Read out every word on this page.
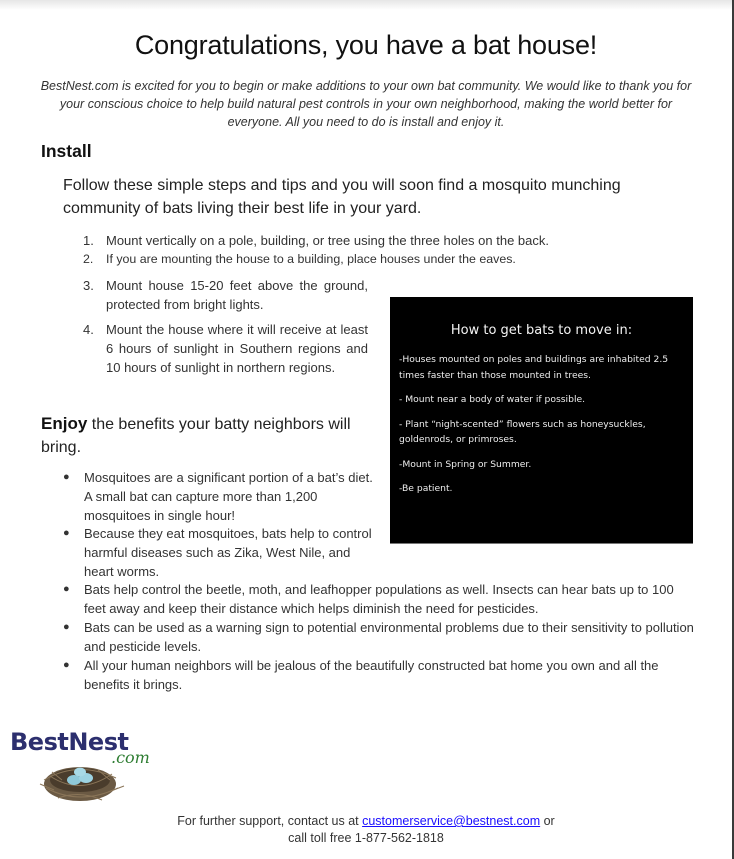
Congratulations, you have a bat house!
BestNest.com is excited for you to begin or make additions to your own bat community. We would like to thank you for your conscious choice to help build natural pest controls in your own neighborhood, making the world better for everyone. All you need to do is install and enjoy it.
Install
Follow these simple steps and tips and you will soon find a mosquito munching community of bats living their best life in your yard.
1. Mount vertically on a pole, building, or tree using the three holes on the back.
2. If you are mounting the house to a building, place houses under the eaves.
3. Mount house 15-20 feet above the ground, protected from bright lights.
4. Mount the house where it will receive at least 6 hours of sunlight in Southern regions and 10 hours of sunlight in northern regions.
How to get bats to move in:
-Houses mounted on poles and buildings are inhabited 2.5 times faster than those mounted in trees.
- Mount near a body of water if possible.
- Plant “night-scented” flowers such as honeysuckles, goldenrods, or primroses.
-Mount in Spring or Summer.
-Be patient.
Enjoy the benefits your batty neighbors will bring.
●	Mosquitoes are a significant portion of a bat’s diet. A small bat can capture more than 1,200 mosquitoes in single hour!
●	Because they eat mosquitoes, bats help to control harmful diseases such as Zika, West Nile, and heart worms.
●	Bats help control the beetle, moth, and leafhopper populations as well. Insects can hear bats up to 100 feet away and keep their distance which helps diminish the need for pesticides.
●	Bats can be used as a warning sign to potential environmental problems due to their sensitivity to pollution and pesticide levels.
●	All your human neighbors will be jealous of the beautifully constructed bat home you own and all the benefits it brings.
BestNest
.com
For further support, contact us at customerservice@bestnest.com or
call toll free 1-877-562-1818
